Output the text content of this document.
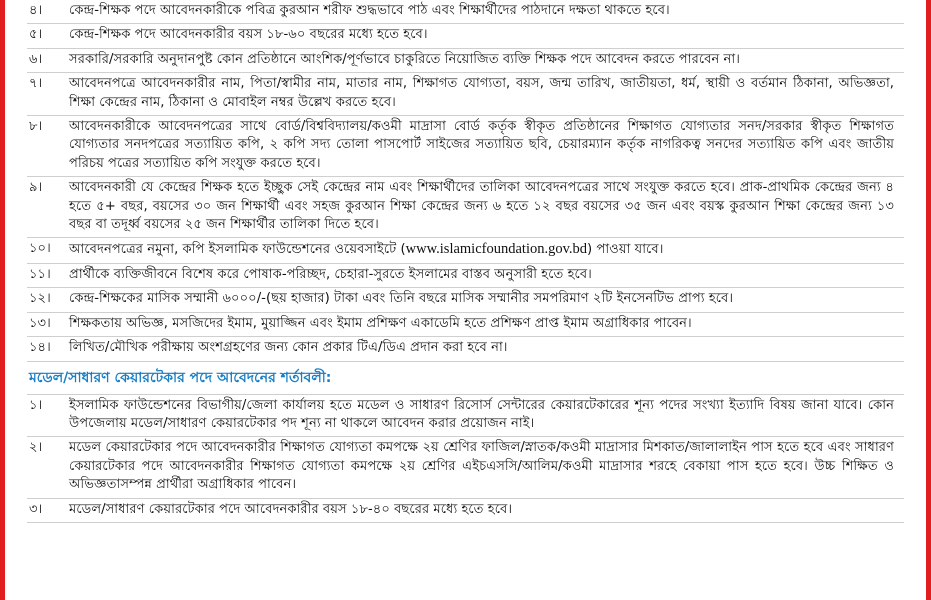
৪।	কেন্দ্র-শিক্ষক পদে আবেদনকারীকে পবিত্র কুরআন শরীফ শুদ্ধভাবে পাঠ এবং শিক্ষার্থীদের পাঠদানে দক্ষতা থাকতে হবে।
৫।	কেন্দ্র-শিক্ষক পদে আবেদনকারীর বয়স ১৮-৬০ বছরের মধ্যে হতে হবে।
৬।	সরকারি/সরকারি অনুদানপুষ্ট কোন প্রতিষ্ঠানে আংশিক/পূর্ণভাবে চাকুরিতে নিয়োজিত ব্যক্তি শিক্ষক পদে আবেদন করতে পারবেন না।
৭।	আবেদনপত্রে আবেদনকারীর নাম, পিতা/স্বামীর নাম, মাতার নাম, শিক্ষাগত যোগ্যতা, বয়স, জন্ম তারিখ, জাতীয়তা, ধর্ম, স্থায়ী ও বর্তমান ঠিকানা, অভিজ্ঞতা, শিক্ষা কেন্দ্রের নাম, ঠিকানা ও মোবাইল নম্বর উল্লেখ করতে হবে।
৮।	আবেদনকারীকে আবেদনপত্রের সাথে বোর্ড/বিশ্ববিদ্যালয়/কওমী মাদ্রাসা বোর্ড কর্তৃক স্বীকৃত প্রতিষ্ঠানের শিক্ষাগত যোগ্যতার সনদ/সরকার স্বীকৃত শিক্ষাগত যোগ্যতার সনদপত্রের সত্যায়িত কপি, ২ কপি সদ্য তোলা পাসপোর্ট সাইজের সত্যায়িত ছবি, চেয়ারম্যান কর্তৃক নাগরিকত্ব সনদের সত্যায়িত কপি এবং জাতীয় পরিচয় পত্রের সত্যায়িত কপি সংযুক্ত করতে হবে।
৯।	আবেদনকারী যে কেন্দ্রের শিক্ষক হতে ইচ্ছুক সেই কেন্দ্রের নাম এবং শিক্ষার্থীদের তালিকা আবেদনপত্রের সাথে সংযুক্ত করতে হবে। প্রাক-প্রাথমিক কেন্দ্রের জন্য ৪ হতে ৫+ বছর, বয়সের ৩০ জন শিক্ষার্থী এবং সহজ কুরআন শিক্ষা কেন্দ্রের জন্য ৬ হতে ১২ বছর বয়সের ৩৫ জন এবং বয়স্ক কুরআন শিক্ষা কেন্দ্রের জন্য ১৩ বছর বা তদূর্ধ্ব বয়সের ২৫ জন শিক্ষার্থীর তালিকা দিতে হবে।
১০।	আবেদনপত্রের নমুনা, কপি ইসলামিক ফাউন্ডেশনের ওয়েবসাইটে (www.islamicfoundation.gov.bd) পাওয়া যাবে।
১১।	প্রার্থীকে ব্যক্তিজীবনে বিশেষ করে পোষাক-পরিচ্ছদ, চেহারা-সুরতে ইসলামের বাস্তব অনুসারী হতে হবে।
১২।	কেন্দ্র-শিক্ষকের মাসিক সম্মানী ৬০০০/-(ছয় হাজার) টাকা এবং তিনি বছরে মাসিক সম্মানীর সমপরিমাণ ২টি ইনসেনটিভ প্রাপ্য হবে।
১৩।	শিক্ষকতায় অভিজ্ঞ, মসজিদের ইমাম, মুয়াজ্জিন এবং ইমাম প্রশিক্ষণ একাডেমি হতে প্রশিক্ষণ প্রাপ্ত ইমাম অগ্রাধিকার পাবেন।
১৪।	লিখিত/মৌখিক পরীক্ষায় অংশগ্রহণের জন্য কোন প্রকার টিএ/ডিএ প্রদান করা হবে না।
মডেল/সাধারণ কেয়ারটেকার পদে আবেদনের শর্তাবলী:
১।	ইসলামিক ফাউন্ডেশনের বিভাগীয়/জেলা কার্যালয় হতে মডেল ও সাধারণ রিসোর্স সেন্টারের কেয়ারটেকারের শূন্য পদের সংখ্যা ইত্যাদি বিষয় জানা যাবে। কোন উপজেলায় মডেল/সাধারণ কেয়ারটেকার পদ শূন্য না থাকলে আবেদন করার প্রয়োজন নাই।
২।	মডেল কেয়ারটেকার পদে আবেদনকারীর শিক্ষাগত যোগ্যতা কমপক্ষে ২য় শ্রেণির ফাজিল/স্নাতক/কওমী মাদ্রাসার মিশকাত/জালালাইন পাস হতে হবে এবং সাধারণ কেয়ারটেকার পদে আবেদনকারীর শিক্ষাগত যোগ্যতা কমপক্ষে ২য় শ্রেণির এইচএসসি/আলিম/কওমী মাদ্রাসার শরহে বেকায়া পাস হতে হবে। উচ্চ শিক্ষিত ও অভিজ্ঞতাসম্পন্ন প্রার্থীরা অগ্রাধিকার পাবেন।
৩।	মডেল/সাধারণ কেয়ারটেকার পদে আবেদনকারীর বয়স ১৮-৪০ বছরের মধ্যে হতে হবে।
